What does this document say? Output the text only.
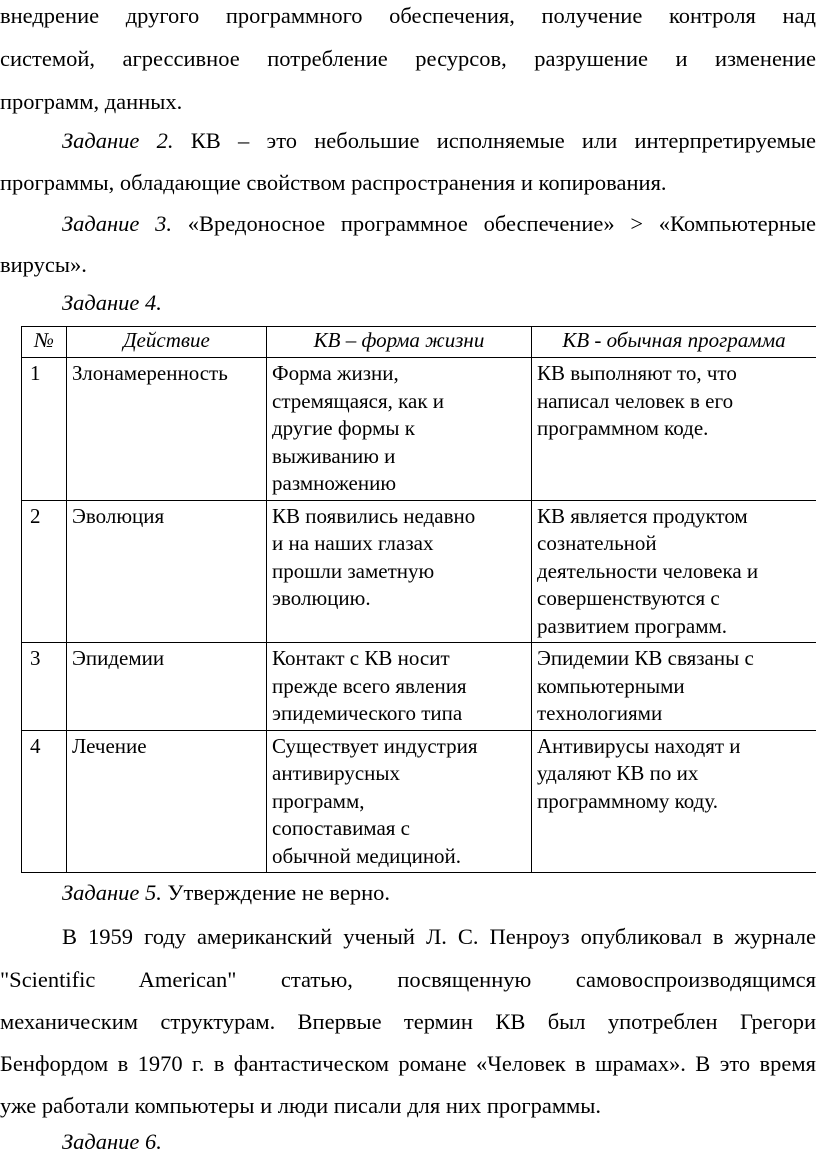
внедрение другого программного обеспечения, получение контроля над
системой, агрессивное потребление ресурсов, разрушение и изменение
программ, данных.
Задание 2. КВ – это небольшие исполняемые или интерпретируемые
программы, обладающие свойством распространения и копирования.
Задание 3. «Вредоносное программное обеспечение» > «Компьютерные
вирусы».
Задание 4.
№	Действие	КВ – форма жизни	КВ - обычная программа
1	Злонамеренность	Форма жизни,
стремящаяся, как и
другие формы к
выживанию и
размножению	КВ выполняют то, что
написал человек в его
программном коде.
2	Эволюция	КВ появились недавно
и на наших глазах
прошли заметную
эволюцию.	КВ является продуктом
сознательной
деятельности человека и
совершенствуются с
развитием программ.
3	Эпидемии	Контакт с КВ носит
прежде всего явления
эпидемического типа	Эпидемии КВ связаны с
компьютерными
технологиями
4	Лечение	Существует индустрия
антивирусных
программ,
сопоставимая с
обычной медициной.	Антивирусы находят и
удаляют КВ по их
программному коду.
Задание 5. Утверждение не верно.
В 1959 году американский ученый Л. С. Пенроуз опубликовал в журнале
"Scientific American" статью, посвященную самовоспроизводящимся
механическим структурам. Впервые термин КВ был употреблен Грегори
Бенфордом в 1970 г. в фантастическом романе «Человек в шрамах». В это время
уже работали компьютеры и люди писали для них программы.
Задание 6.
